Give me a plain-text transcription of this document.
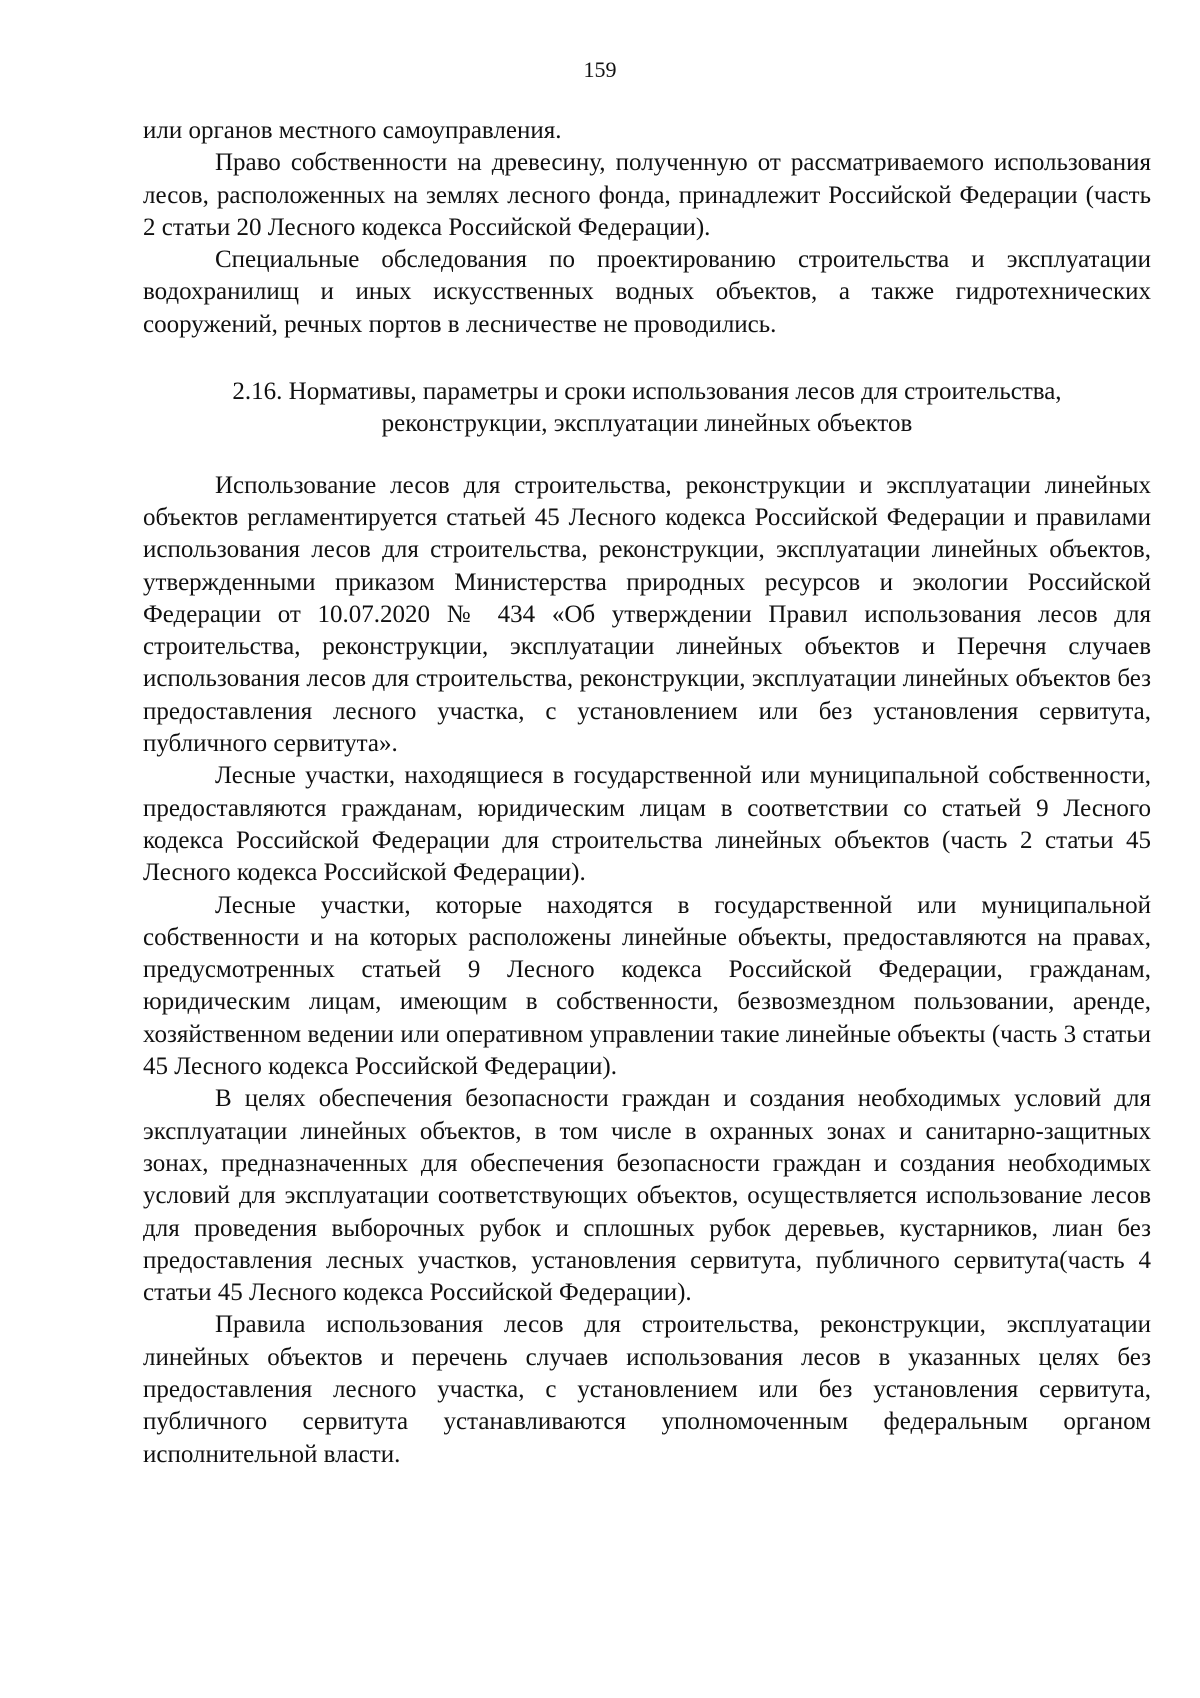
159

или органов местного самоуправления.

Право собственности на древесину, полученную от рассматриваемого использования лесов, расположенных на землях лесного фонда, принадлежит Российской Федерации (часть 2 статьи 20 Лесного кодекса Российской Федерации).

Специальные обследования по проектированию строительства и эксплуатации водохранилищ и иных искусственных водных объектов, а также гидротехнических сооружений, речных портов в лесничестве не проводились.

2.16. Нормативы, параметры и сроки использования лесов для строительства,
реконструкции, эксплуатации линейных объектов

Использование лесов для строительства, реконструкции и эксплуатации линейных объектов регламентируется статьей 45 Лесного кодекса Российской Федерации и правилами использования лесов для строительства, реконструкции, эксплуатации линейных объектов, утвержденными приказом Министерства природных ресурсов и экологии Российской Федерации от 10.07.2020 № 434 «Об утверждении Правил использования лесов для строительства, реконструкции, эксплуатации линейных объектов и Перечня случаев использования лесов для строительства, реконструкции, эксплуатации линейных объектов без предоставления лесного участка, с установлением или без установления сервитута, публичного сервитута».

Лесные участки, находящиеся в государственной или муниципальной собственности, предоставляются гражданам, юридическим лицам в соответствии со статьей 9 Лесного кодекса Российской Федерации для строительства линейных объектов (часть 2 статьи 45 Лесного кодекса Российской Федерации).

Лесные участки, которые находятся в государственной или муниципальной собственности и на которых расположены линейные объекты, предоставляются на правах, предусмотренных статьей 9 Лесного кодекса Российской Федерации, гражданам, юридическим лицам, имеющим в собственности, безвозмездном пользовании, аренде, хозяйственном ведении или оперативном управлении такие линейные объекты (часть 3 статьи 45 Лесного кодекса Российской Федерации).

В целях обеспечения безопасности граждан и создания необходимых условий для эксплуатации линейных объектов, в том числе в охранных зонах и санитарно-защитных зонах, предназначенных для обеспечения безопасности граждан и создания необходимых условий для эксплуатации соответствующих объектов, осуществляется использование лесов для проведения выборочных рубок и сплошных рубок деревьев, кустарников, лиан без предоставления лесных участков, установления сервитута, публичного сервитута(часть 4 статьи 45 Лесного кодекса Российской Федерации).

Правила использования лесов для строительства, реконструкции, эксплуатации линейных объектов и перечень случаев использования лесов в указанных целях без предоставления лесного участка, с установлением или без установления сервитута, публичного сервитута устанавливаются уполномоченным федеральным органом исполнительной власти.
